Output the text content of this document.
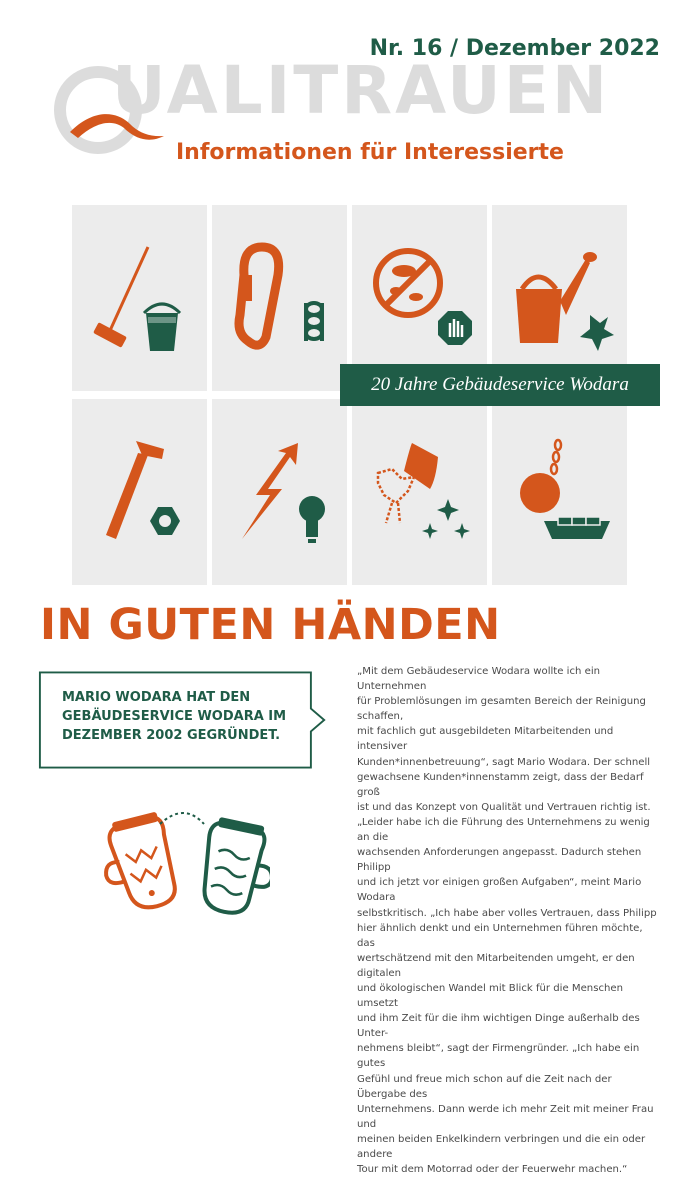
Nr. 16 / Dezember 2022
UALITRAUEN
Informationen für Interessierte
20 Jahre Gebäudeservice Wodara
IN GUTEN HÄNDEN
MARIO WODARA HAT DEN GEBÄUDESERVICE WODARA IM DEZEMBER 2002 GEGRÜNDET.
„Mit dem Gebäudeservice Wodara wollte ich ein Unternehmen
für Problemlösungen im gesamten Bereich der Reinigung schaffen,
mit fachlich gut ausgebildeten Mitarbeitenden und intensiver
Kunden*innenbetreuung“, sagt Mario Wodara. Der schnell
gewachsene Kunden*innenstamm zeigt, dass der Bedarf groß
ist und das Konzept von Qualität und Vertrauen richtig ist.
„Leider habe ich die Führung des Unternehmens zu wenig an die
wachsenden Anforderungen angepasst. Dadurch stehen Philipp
und ich jetzt vor einigen großen Aufgaben“, meint Mario Wodara
selbstkritisch. „Ich habe aber volles Vertrauen, dass Philipp
hier ähnlich denkt und ein Unternehmen führen möchte, das
wertschätzend mit den Mitarbeitenden umgeht, er den digitalen
und ökologischen Wandel mit Blick für die Menschen umsetzt
und ihm Zeit für die ihm wichtigen Dinge außerhalb des Unter-
nehmens bleibt“, sagt der Firmengründer. „Ich habe ein gutes
Gefühl und freue mich schon auf die Zeit nach der Übergabe des
Unternehmens. Dann werde ich mehr Zeit mit meiner Frau und
meinen beiden Enkelkindern verbringen und die ein oder andere
Tour mit dem Motorrad oder der Feuerwehr machen.“
